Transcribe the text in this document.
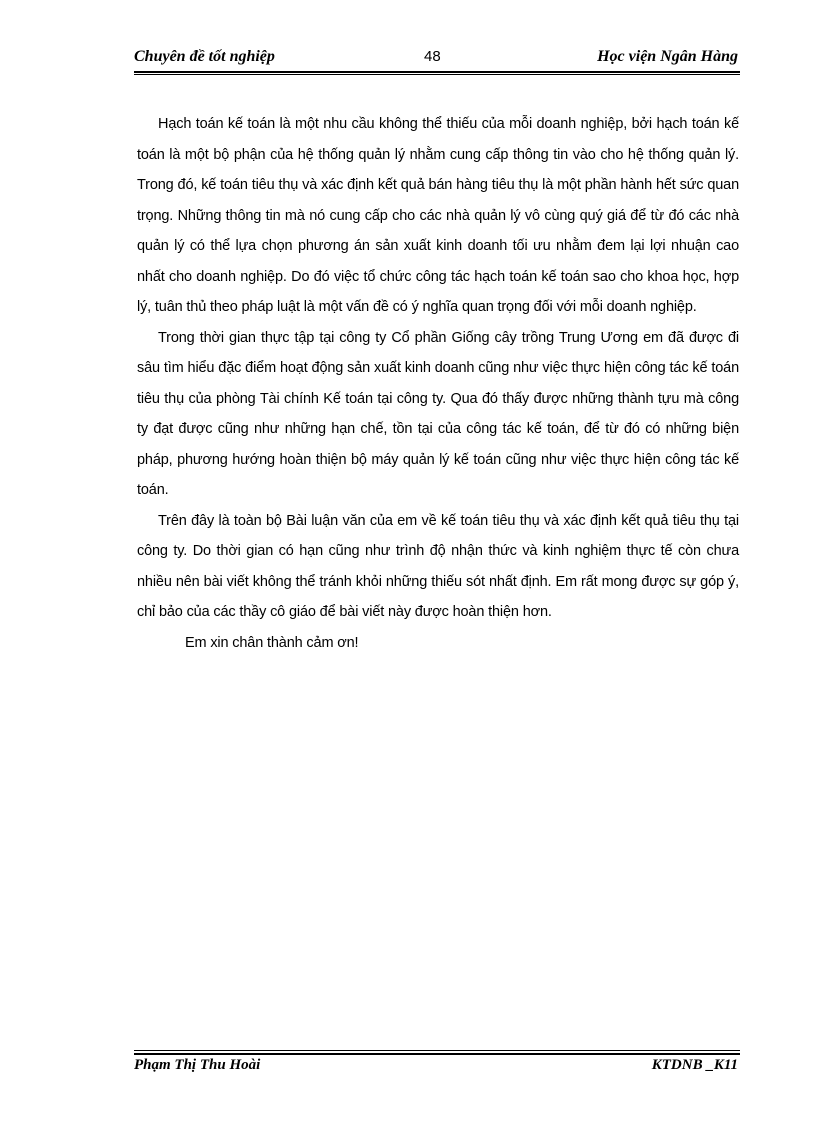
Chuyên đề tốt nghiệp	48	Học viện Ngân Hàng

Hạch toán kế toán là một nhu cầu không thể thiếu của mỗi doanh nghiệp, bởi hạch toán kế toán là một bộ phận của hệ thống quản lý nhằm cung cấp thông tin vào cho hệ thống quản lý. Trong đó, kế toán tiêu thụ và xác định kết quả bán hàng tiêu thụ là một phần hành hết sức quan trọng. Những thông tin mà nó cung cấp cho các nhà quản lý vô cùng quý giá để từ đó các nhà quản lý có thể lựa chọn phương án sản xuất kinh doanh tối ưu nhằm đem lại lợi nhuận cao nhất cho doanh nghiệp. Do đó việc tổ chức công tác hạch toán kế toán sao cho khoa học, hợp lý, tuân thủ theo pháp luật là một vấn đề có ý nghĩa quan trọng đối với mỗi doanh nghiệp.

Trong thời gian thực tập tại công ty Cổ phần Giống cây trồng Trung Ương em đã được đi sâu tìm hiểu đặc điểm hoạt động sản xuất kinh doanh cũng như việc thực hiện công tác kế toán tiêu thụ của phòng Tài chính Kế toán tại công ty. Qua đó thấy được những thành tựu mà công ty đạt được cũng như những hạn chế, tồn tại của công tác kế toán, để từ đó có những biện pháp, phương hướng hoàn thiện bộ máy quản lý kế toán cũng như việc thực hiện công tác kế toán.

Trên đây là toàn bộ Bài luận văn của em về kế toán tiêu thụ và xác định kết quả tiêu thụ tại công ty. Do thời gian có hạn cũng như trình độ nhận thức và kinh nghiệm thực tế còn chưa nhiều nên bài viết không thể tránh khỏi những thiếu sót nhất định. Em rất mong được sự góp ý, chỉ bảo của các thầy cô giáo để bài viết này được hoàn thiện hơn.

Em xin chân thành cảm ơn!

Phạm Thị Thu Hoài	KTDNB _K11
